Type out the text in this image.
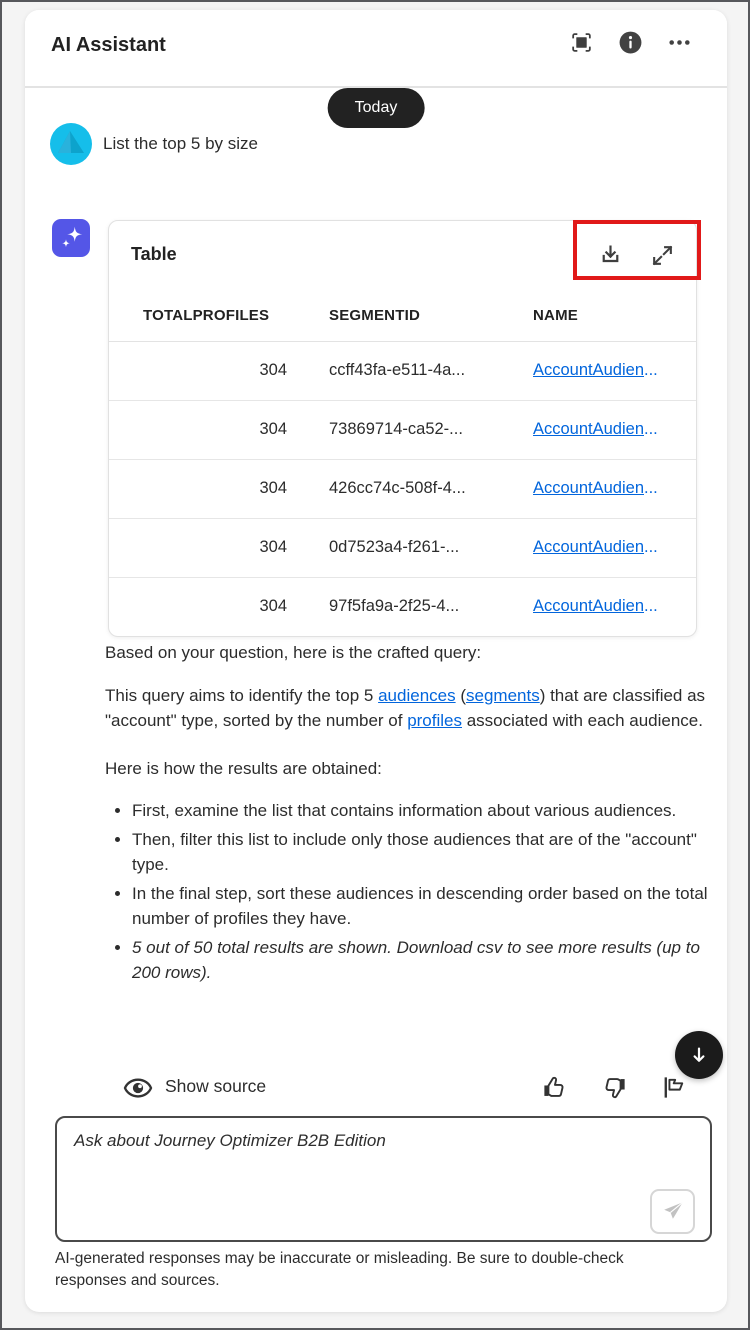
AI Assistant
Today
List the top 5 by size
Table
TOTALPROFILES	SEGMENTID	NAME
304	ccff43fa-e511-4a...	AccountAudien...
304	73869714-ca52-...	AccountAudien...
304	426cc74c-508f-4...	AccountAudien...
304	0d7523a4-f261-...	AccountAudien...
304	97f5fa9a-2f25-4...	AccountAudien...

Based on your question, here is the crafted query:

This query aims to identify the top 5 audiences (segments) that are classified as "account" type, sorted by the number of profiles associated with each audience.

Here is how the results are obtained:

• First, examine the list that contains information about various audiences.
• Then, filter this list to include only those audiences that are of the "account" type.
• In the final step, sort these audiences in descending order based on the total number of profiles they have.
• 5 out of 50 total results are shown. Download csv to see more results (up to 200 rows).
Show source
Ask about Journey Optimizer B2B Edition
AI-generated responses may be inaccurate or misleading. Be sure to double-check responses and sources.
